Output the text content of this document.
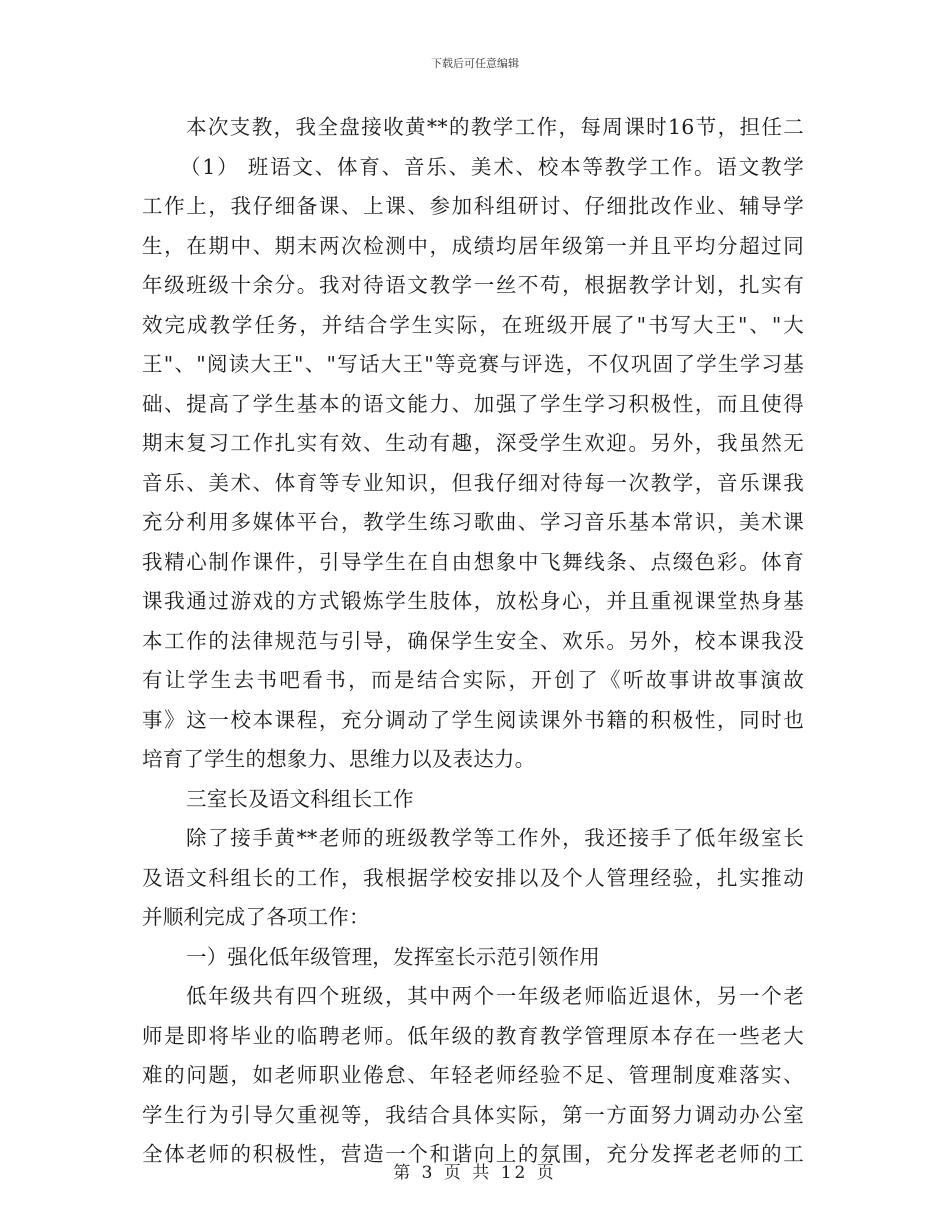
下载后可任意编辑
本次支教，我全盘接收黄**的教学工作，每周课时16节，担任二
（1） 班语文、体育、音乐、美术、校本等教学工作。语文教学
工作上，我仔细备课、上课、参加科组研讨、仔细批改作业、辅导学
生，在期中、期末两次检测中，成绩均居年级第一并且平均分超过同
年级班级十余分。我对待语文教学一丝不苟，根据教学计划，扎实有
效完成教学任务，并结合学生实际，在班级开展了"书写大王"、"大
王"、"阅读大王"、"写话大王"等竞赛与评选，不仅巩固了学生学习基
础、提高了学生基本的语文能力、加强了学生学习积极性，而且使得
期末复习工作扎实有效、生动有趣，深受学生欢迎。另外，我虽然无
音乐、美术、体育等专业知识，但我仔细对待每一次教学，音乐课我
充分利用多媒体平台，教学生练习歌曲、学习音乐基本常识，美术课
我精心制作课件，引导学生在自由想象中飞舞线条、点缀色彩。体育
课我通过游戏的方式锻炼学生肢体，放松身心，并且重视课堂热身基
本工作的法律规范与引导，确保学生安全、欢乐。另外，校本课我没
有让学生去书吧看书，而是结合实际，开创了《听故事讲故事演故
事》这一校本课程，充分调动了学生阅读课外书籍的积极性，同时也
培育了学生的想象力、思维力以及表达力。
三室长及语文科组长工作
除了接手黄**老师的班级教学等工作外，我还接手了低年级室长
及语文科组长的工作，我根据学校安排以及个人管理经验，扎实推动
并顺利完成了各项工作：
一）强化低年级管理，发挥室长示范引领作用
低年级共有四个班级，其中两个一年级老师临近退休，另一个老
师是即将毕业的临聘老师。低年级的教育教学管理原本存在一些老大
难的问题，如老师职业倦怠、年轻老师经验不足、管理制度难落实、
学生行为引导欠重视等，我结合具体实际，第一方面努力调动办公室
全体老师的积极性，营造一个和谐向上的氛围，充分发挥老老师的工
第 3 页 共 12 页
